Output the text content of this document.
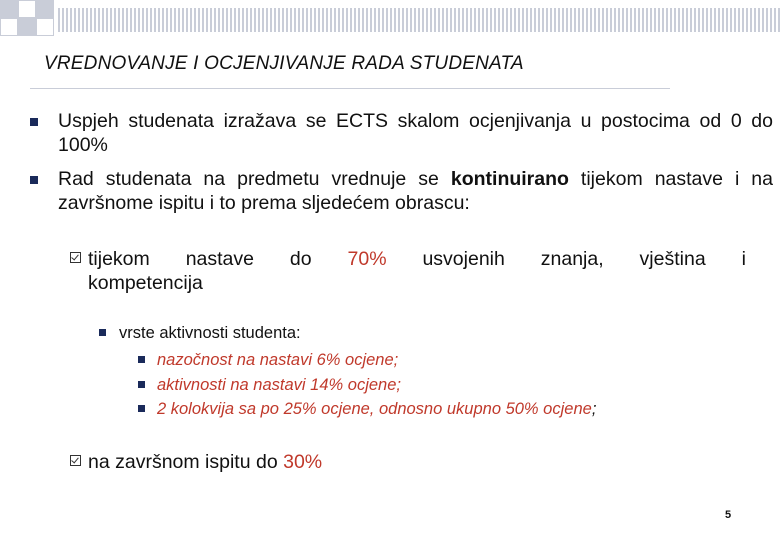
VREDNOVANJE I OCJENJIVANJE RADA STUDENATA
Uspjeh studenata izražava se ECTS skalom ocjenjivanja u postocima od 0 do 100%
Rad studenata na predmetu vrednuje se kontinuirano tijekom nastave i na završnome ispitu i to prema sljedećem obrascu:
tijekom nastave do 70% usvojenih znanja, vještina i
kompetencija
vrste aktivnosti studenta:
nazočnost na nastavi 6% ocjene;
aktivnosti na nastavi 14% ocjene;
2 kolokvija sa po 25% ocjene, odnosno ukupno 50% ocjene;
na završnom ispitu do 30%
5
